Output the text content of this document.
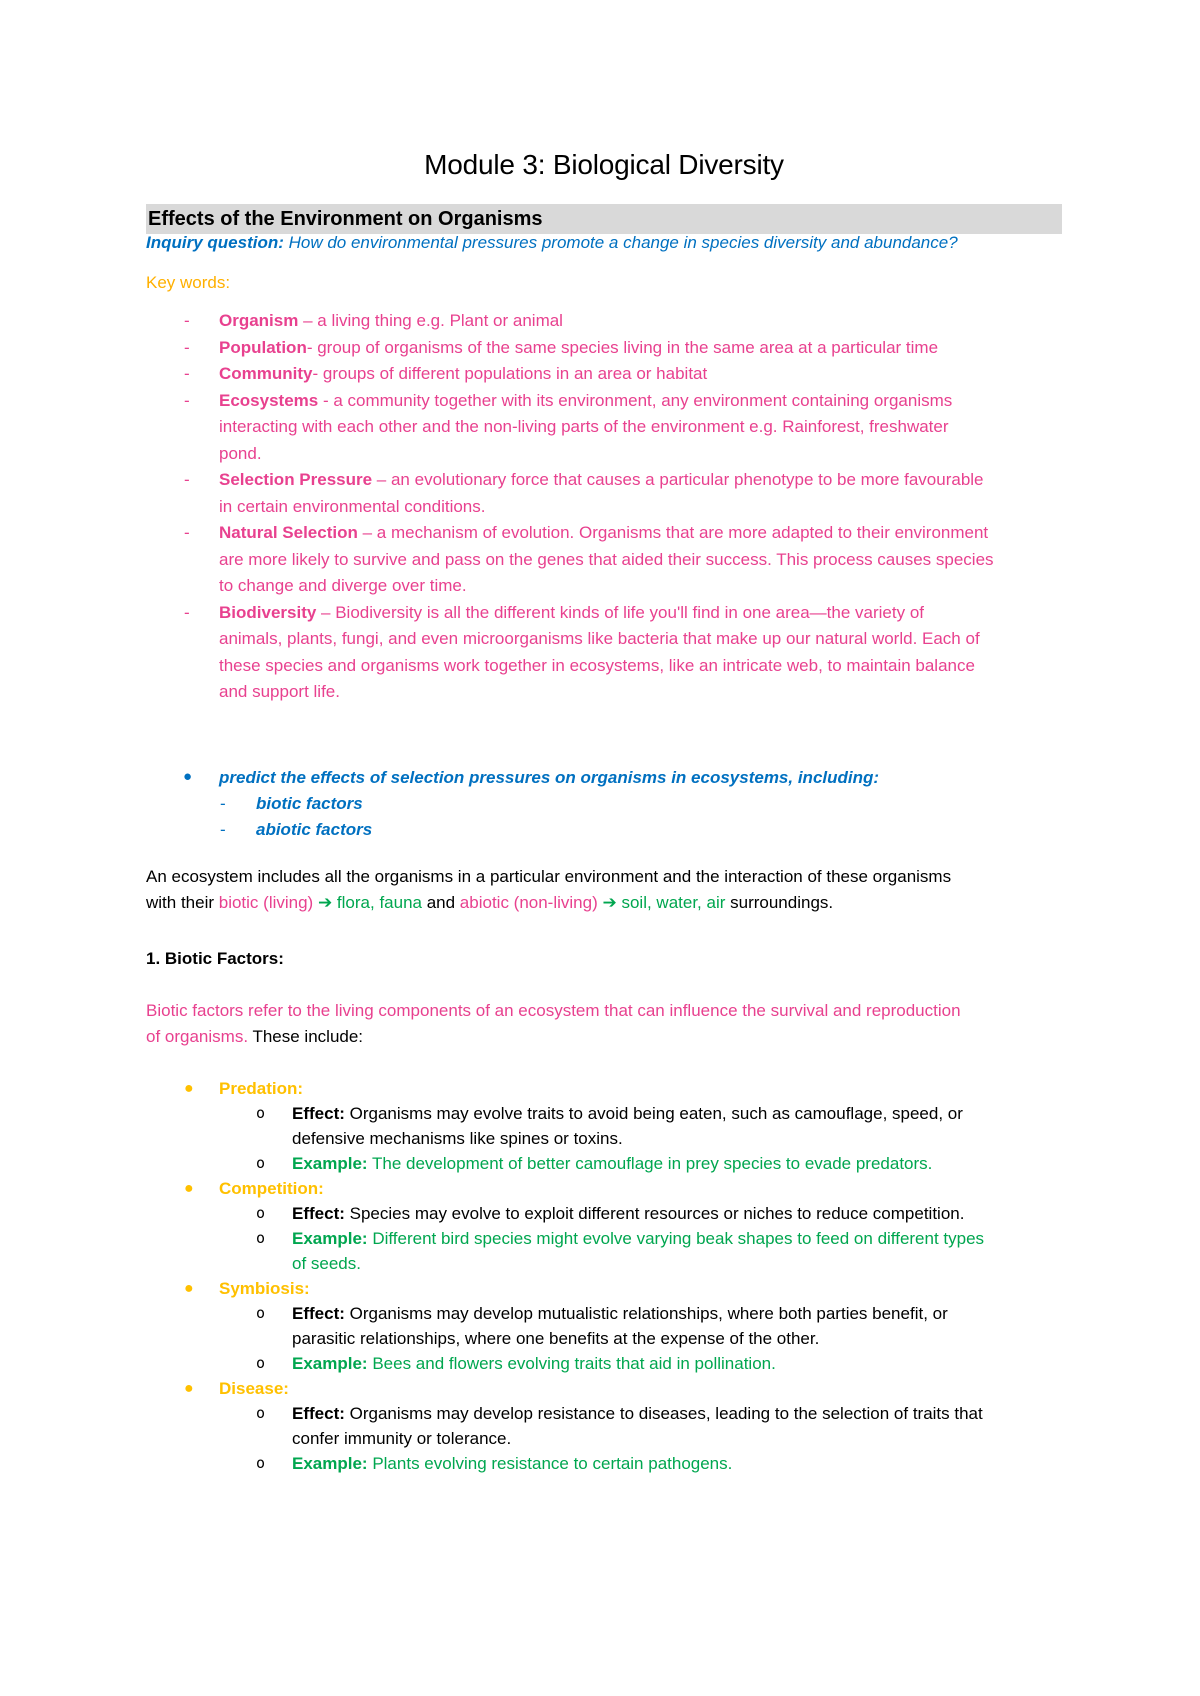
Module 3: Biological Diversity
Effects of the Environment on Organisms
Inquiry question: How do environmental pressures promote a change in species diversity and abundance?
Key words:
- Organism – a living thing e.g. Plant or animal
- Population- group of organisms of the same species living in the same area at a particular time
- Community- groups of different populations in an area or habitat
- Ecosystems - a community together with its environment, any environment containing organisms
interacting with each other and the non-living parts of the environment e.g. Rainforest, freshwater
pond.
- Selection Pressure – an evolutionary force that causes a particular phenotype to be more favourable
in certain environmental conditions.
- Natural Selection – a mechanism of evolution. Organisms that are more adapted to their environment
are more likely to survive and pass on the genes that aided their success. This process causes species
to change and diverge over time.
- Biodiversity – Biodiversity is all the different kinds of life you'll find in one area—the variety of
animals, plants, fungi, and even microorganisms like bacteria that make up our natural world. Each of
these species and organisms work together in ecosystems, like an intricate web, to maintain balance
and support life.
● predict the effects of selection pressures on organisms in ecosystems, including:
- biotic factors
- abiotic factors
An ecosystem includes all the organisms in a particular environment and the interaction of these organisms
with their biotic (living) ➔ flora, fauna and abiotic (non-living) ➔ soil, water, air surroundings.
1. Biotic Factors:
Biotic factors refer to the living components of an ecosystem that can influence the survival and reproduction
of organisms. These include:
● Predation:
o Effect: Organisms may evolve traits to avoid being eaten, such as camouflage, speed, or
defensive mechanisms like spines or toxins.
o Example: The development of better camouflage in prey species to evade predators.
● Competition:
o Effect: Species may evolve to exploit different resources or niches to reduce competition.
o Example: Different bird species might evolve varying beak shapes to feed on different types
of seeds.
● Symbiosis:
o Effect: Organisms may develop mutualistic relationships, where both parties benefit, or
parasitic relationships, where one benefits at the expense of the other.
o Example: Bees and flowers evolving traits that aid in pollination.
● Disease:
o Effect: Organisms may develop resistance to diseases, leading to the selection of traits that
confer immunity or tolerance.
o Example: Plants evolving resistance to certain pathogens.
